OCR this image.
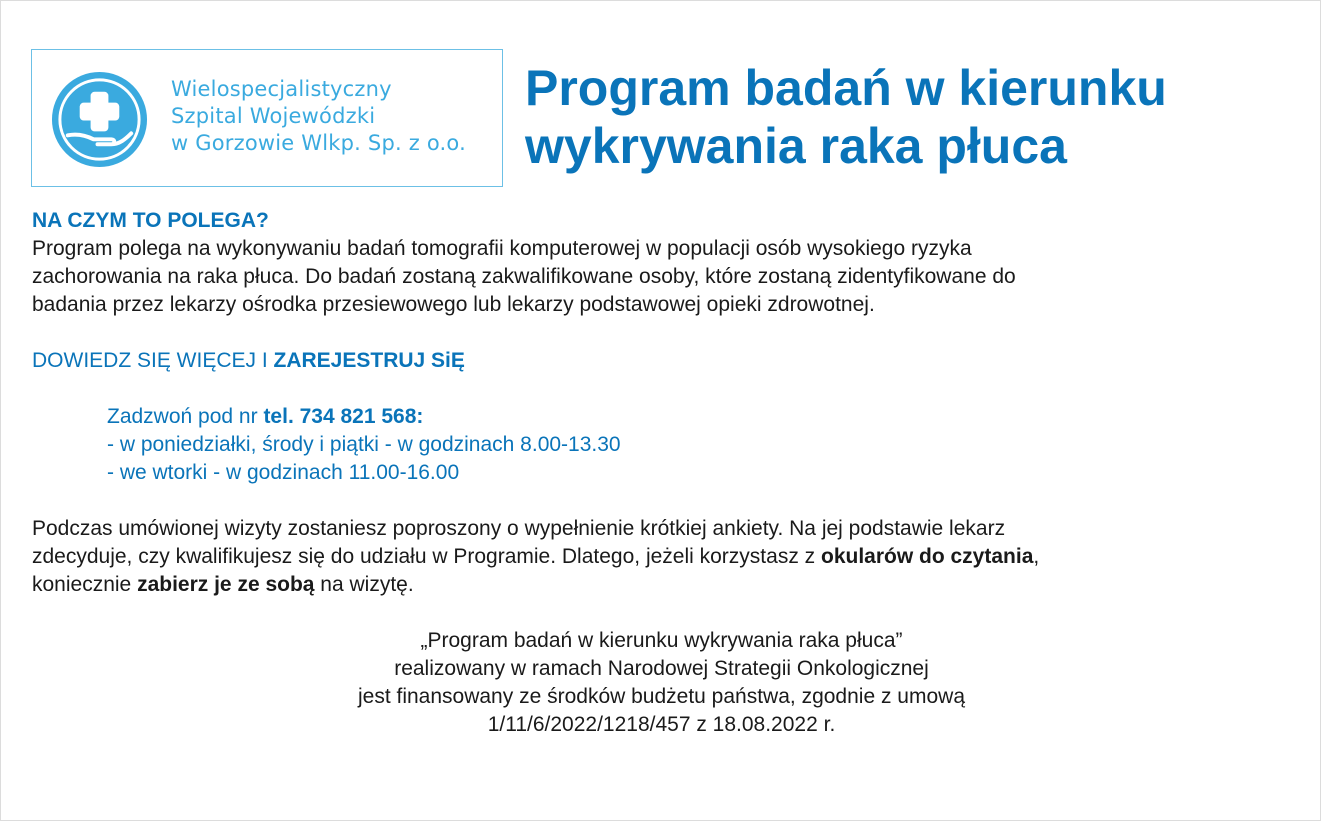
Wielospecjalistyczny
Szpital Wojewódzki
w Gorzowie Wlkp. Sp. z o.o.
Program badań w kierunku
wykrywania raka płuca

NA CZYM TO POLEGA?

Program polega na wykonywaniu badań tomografii komputerowej w populacji osób wysokiego ryzyka
zachorowania na raka płuca. Do badań zostaną zakwalifikowane osoby, które zostaną zidentyfikowane do
badania przez lekarzy ośrodka przesiewowego lub lekarzy podstawowej opieki zdrowotnej.
DOWIEDZ SIĘ WIĘCEJ I ZAREJESTRUJ SiĘ
Zadzwoń pod nr tel. 734 821 568:
- w poniedziałki, środy i piątki - w godzinach 8.00-13.30
- we wtorki - w godzinach 11.00-16.00
Podczas umówionej wizyty zostaniesz poproszony o wypełnienie krótkiej ankiety. Na jej podstawie lekarz
zdecyduje, czy kwalifikujesz się do udziału w Programie. Dlatego, jeżeli korzystasz z okularów do czytania,
koniecznie zabierz je ze sobą na wizytę.
„Program badań w kierunku wykrywania raka płuca”
realizowany w ramach Narodowej Strategii Onkologicznej
jest finansowany ze środków budżetu państwa, zgodnie z umową
1/11/6/2022/1218/457 z 18.08.2022 r.
